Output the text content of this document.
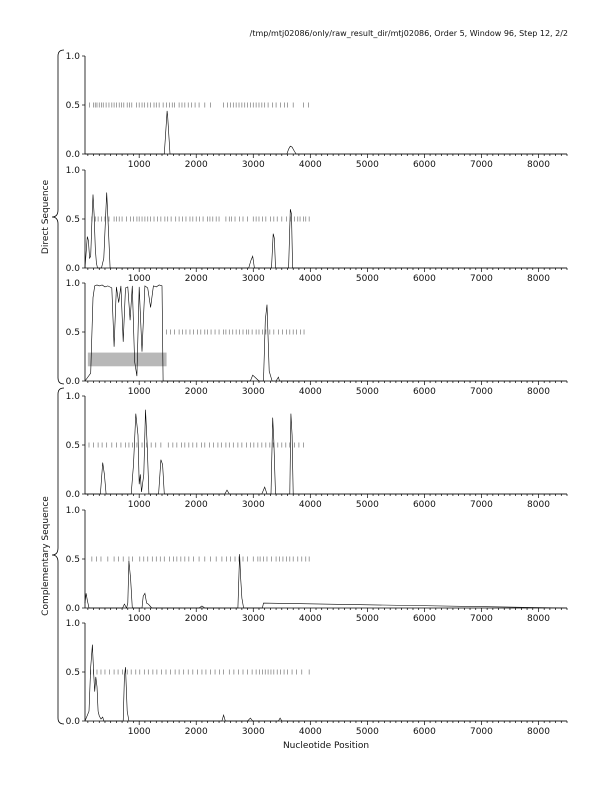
/tmp/mtj02086/only/raw_result_dir/mtj02086, Order 5, Window 96, Step 12, 2/2
Direct Sequence
Complementary Sequence
0.0
0.5
1.0
1000	2000	3000	4000	5000	6000	7000	8000
0.0
0.5
1.0
1000	2000	3000	4000	5000	6000	7000	8000
0.0
0.5
1.0
1000	2000	3000	4000	5000	6000	7000	8000
0.0
0.5
1.0
1000	2000	3000	4000	5000	6000	7000	8000
0.0
0.5
1.0
1000	2000	3000	4000	5000	6000	7000	8000
0.0
0.5
1.0
1000	2000	3000	4000	5000	6000	7000	8000
Nucleotide Position
